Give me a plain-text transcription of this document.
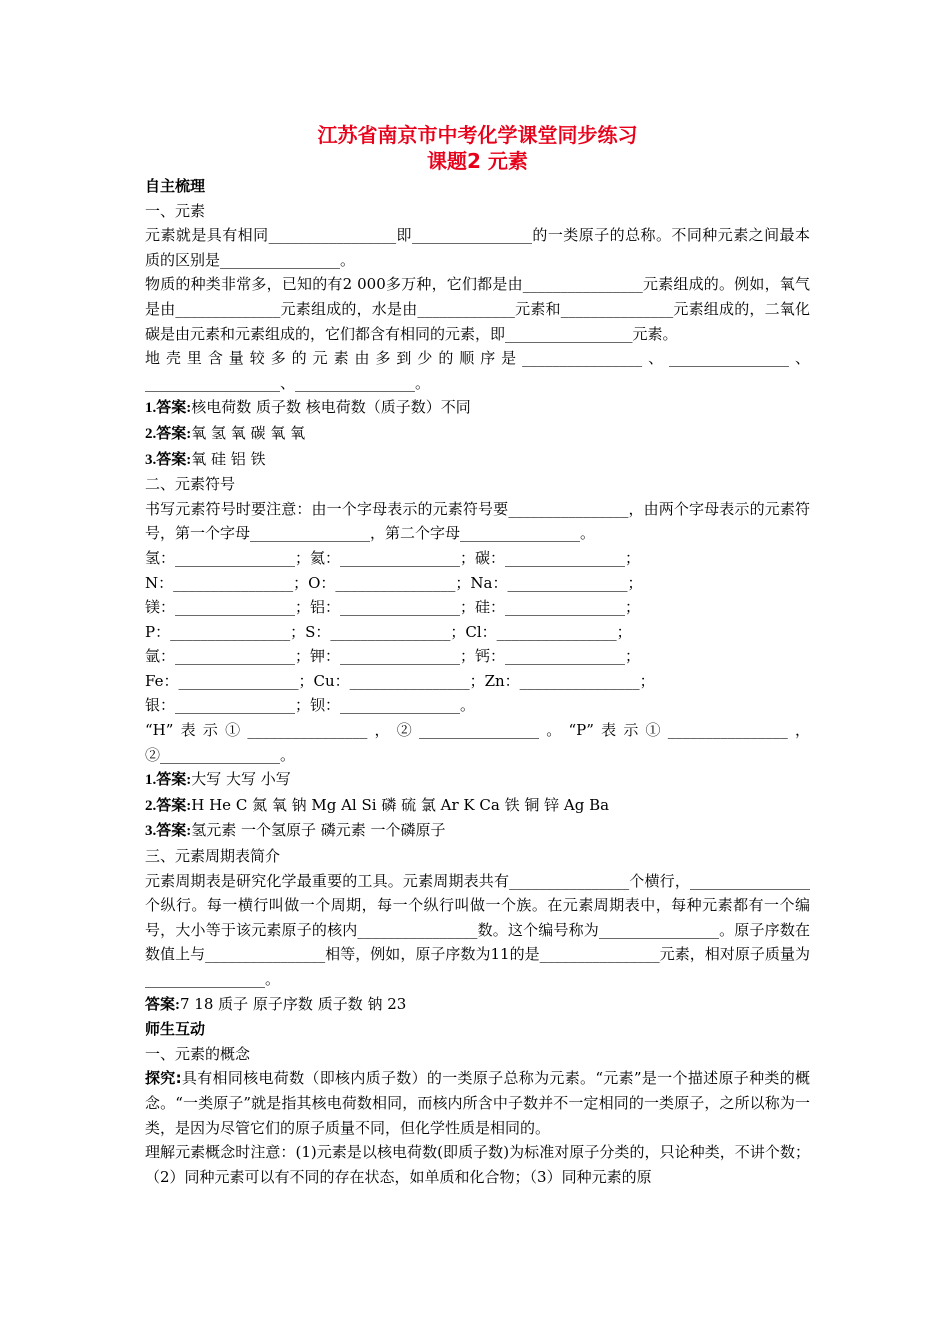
江苏省南京市中考化学课堂同步练习
课题2 元素

自主梳理

一、元素

元素就是具有相同_________________即________________的一类原子的总称。不同种元素之间最本质的区别是________________。

物质的种类非常多，已知的有2 000多万种，它们都是由________________元素组成的。例如，氧气是由______________元素组成的，水是由_____________元素和_______________元素组成的，二氧化碳是由元素和元素组成的，它们都含有相同的元素，即_________________元素。

地壳里含量较多的元素由多到少的顺序是________________、________________、__________________、________________。

1.答案:核电荷数 质子数 核电荷数（质子数）不同

2.答案:氧 氢 氧 碳 氧 氧

3.答案:氧 硅 铝 铁

二、元素符号

书写元素符号时要注意：由一个字母表示的元素符号要________________，由两个字母表示的元素符号，第一个字母________________，第二个字母________________。

氢：________________；氦：________________；碳：________________；

N：________________；O：________________；Na：________________；

镁：________________；铝：________________；硅：________________；

P：________________；S：________________；Cl：________________；

氩：________________；钾：________________；钙：________________；

Fe：________________；Cu：________________；Zn：________________；

银：________________；钡：________________。

“H”表示①________________，②________________。“P”表示①________________，②________________。

1.答案:大写 大写 小写

2.答案:H He C 氮 氧 钠 Mg Al Si 磷 硫 氯 Ar K Ca 铁 铜 锌 Ag Ba

3.答案:氢元素 一个氢原子 磷元素 一个磷原子

三、元素周期表简介

元素周期表是研究化学最重要的工具。元素周期表共有________________个横行，________________个纵行。每一横行叫做一个周期，每一个纵行叫做一个族。在元素周期表中，每种元素都有一个编号，大小等于该元素原子的核内________________数。这个编号称为________________。原子序数在数值上与________________相等，例如，原子序数为11的是________________元素，相对原子质量为________________。

答案:7 18 质子 原子序数 质子数 钠 23

师生互动

一、元素的概念

探究:具有相同核电荷数（即核内质子数）的一类原子总称为元素。“元素”是一个描述原子种类的概念。“一类原子”就是指其核电荷数相同，而核内所含中子数并不一定相同的一类原子，之所以称为一类，是因为尽管它们的原子质量不同，但化学性质是相同的。

理解元素概念时注意：(1)元素是以核电荷数(即质子数)为标准对原子分类的，只论种类，不讲个数；（2）同种元素可以有不同的存在状态，如单质和化合物；（3）同种元素的原
